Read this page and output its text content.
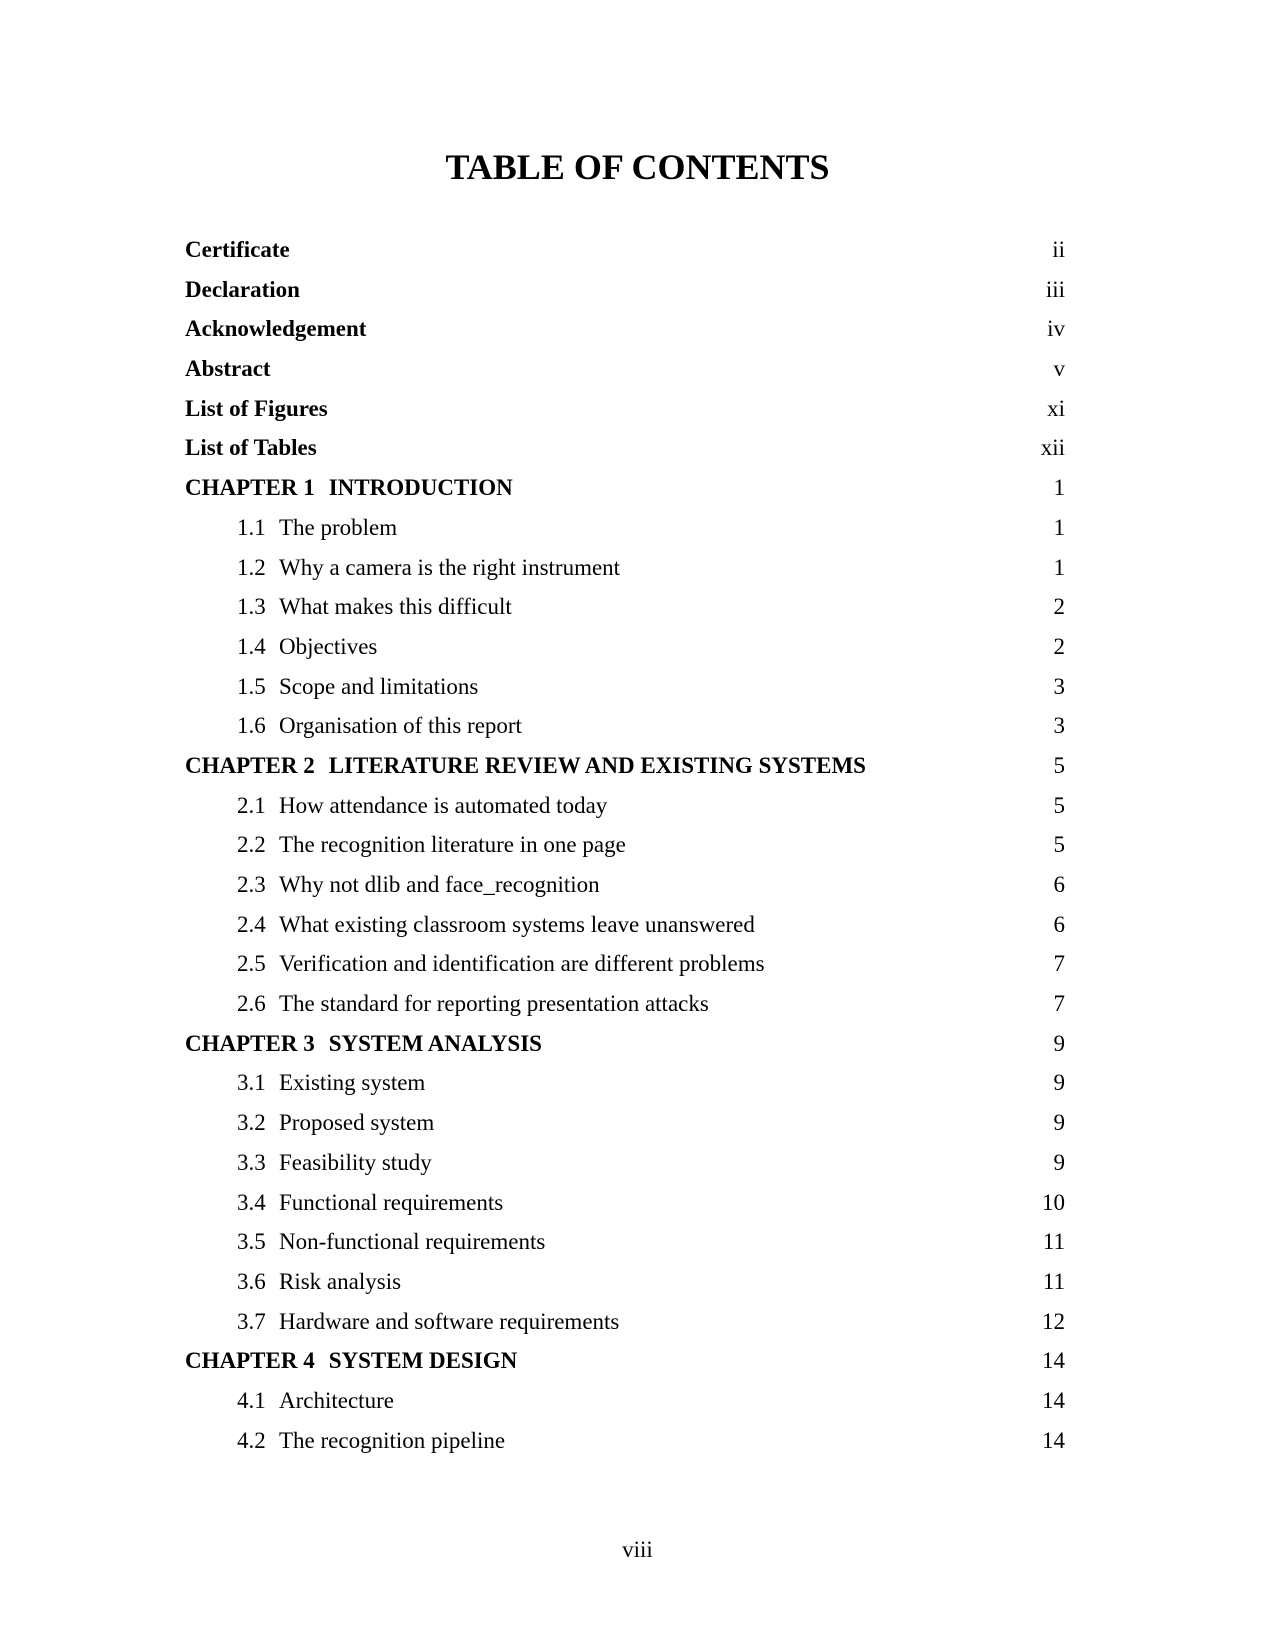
TABLE OF CONTENTS
Certificate	ii
Declaration	iii
Acknowledgement	iv
Abstract	v
List of Figures	xi
List of Tables	xii
CHAPTER 1 INTRODUCTION	1
1.1 The problem	1
1.2 Why a camera is the right instrument	1
1.3 What makes this difficult	2
1.4 Objectives	2
1.5 Scope and limitations	3
1.6 Organisation of this report	3
CHAPTER 2 LITERATURE REVIEW AND EXISTING SYSTEMS	5
2.1 How attendance is automated today	5
2.2 The recognition literature in one page	5
2.3 Why not dlib and face_recognition	6
2.4 What existing classroom systems leave unanswered	6
2.5 Verification and identification are different problems	7
2.6 The standard for reporting presentation attacks	7
CHAPTER 3 SYSTEM ANALYSIS	9
3.1 Existing system	9
3.2 Proposed system	9
3.3 Feasibility study	9
3.4 Functional requirements	10
3.5 Non-functional requirements	11
3.6 Risk analysis	11
3.7 Hardware and software requirements	12
CHAPTER 4 SYSTEM DESIGN	14
4.1 Architecture	14
4.2 The recognition pipeline	14
viii
